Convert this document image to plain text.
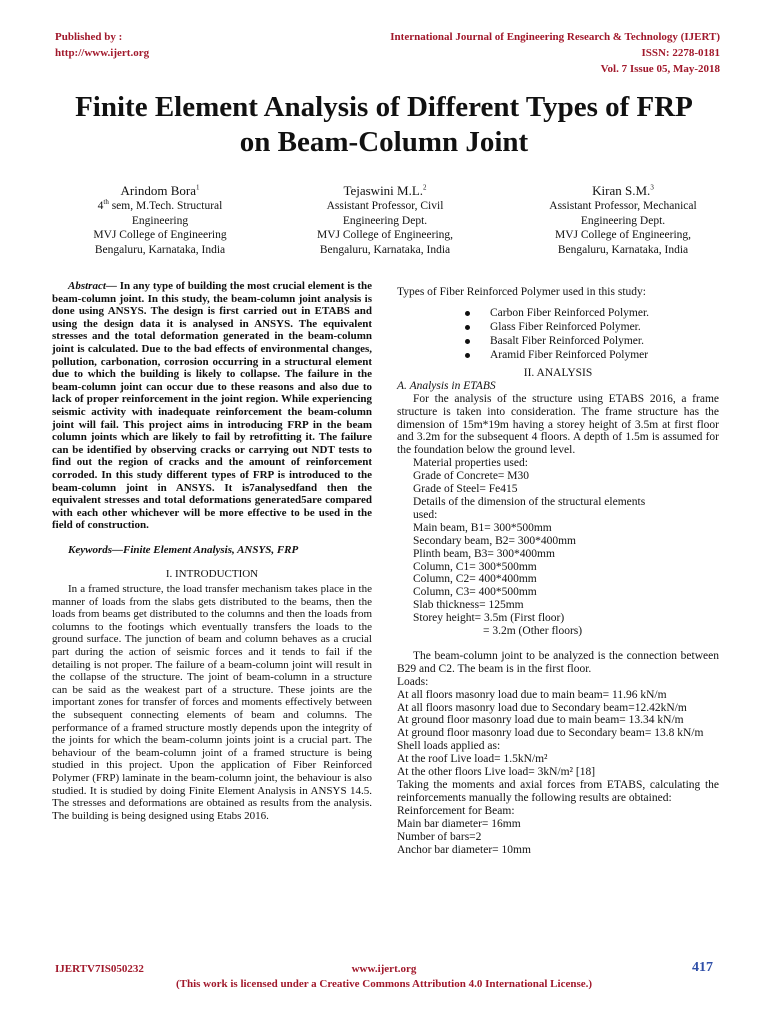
Published by :
http://www.ijert.org
International Journal of Engineering Research & Technology (IJERT)
ISSN: 2278-0181
Vol. 7 Issue 05, May-2018
Finite Element Analysis of Different Types of FRP
on Beam-Column Joint
Arindom Bora$^1$
4th sem, M.Tech. Structural
Engineering
MVJ College of Engineering
Bengaluru, Karnataka, India
Tejaswini M.L.$^2$
Assistant Professor, Civil
Engineering Dept.
MVJ College of Engineering,
Bengaluru, Karnataka, India
Kiran S.M.$^3$
Assistant Professor, Mechanical
Engineering Dept.
MVJ College of Engineering,
Bengaluru, Karnataka, India

Abstract— In any type of building the most crucial element is the beam-column joint. In this study, the beam-column joint analysis is done using ANSYS. The design is first carried out in ETABS and using the design data it is analysed in ANSYS. The equivalent stresses and the total deformation generated in the beam-column joint is calculated. Due to the bad effects of environmental changes, pollution, carbonation, corrosion occurring in a structural element due to which the building is likely to collapse. The failure in the beam-column joint can occur due to these reasons and also due to lack of proper reinforcement in the joint region. While experiencing seismic activity with inadequate reinforcement the beam-column joint will fail. This project aims in introducing FRP in the beam column joints which are likely to fail by retrofitting it. The failure can be identified by observing cracks or carrying out NDT tests to find out the region of cracks and the amount of reinforcement corroded. In this study different types of FRP is introduced to the beam-column joint in ANSYS. It is7analysedfand then the equivalent stresses and total deformations generated5are compared with each other whichever will be more effective to be used in the field of construction.

Keywords—Finite Element Analysis, ANSYS, FRP

I. INTRODUCTION

In a framed structure, the load transfer mechanism takes place in the manner of loads from the slabs gets distributed to the beams, then the loads from beams get distributed to the columns and then the loads from columns to the footings which eventually transfers the loads to the ground surface. The junction of beam and column behaves as a crucial part during the action of seismic forces and it tends to fail if the detailing is not proper. The failure of a beam-column joint will result in the collapse of the structure. The joint of beam-column in a structure can be said as the weakest part of a structure. These joints are the important zones for transfer of forces and moments effectively between the subsequent connecting elements of beam and columns. The performance of a framed structure mostly depends upon the integrity of the joints for which the beam-column joints joint is a crucial part. The behaviour of the beam-column joint of a framed structure is being studied in this project. Upon the application of Fiber Reinforced Polymer (FRP) laminate in the beam-column joint, the behaviour is also studied. It is studied by doing Finite Element Analysis in ANSYS 14.5. The stresses and deformations are obtained as results from the analysis. The building is being designed using Etabs 2016.

Types of Fiber Reinforced Polymer used in this study:

Carbon Fiber Reinforced Polymer.
Glass Fiber Reinforced Polymer.
Basalt Fiber Reinforced Polymer.
Aramid Fiber Reinforced Polymer

II. ANALYSIS

A. Analysis in ETABS

For the analysis of the structure using ETABS 2016, a frame structure is taken into consideration. The frame structure has the dimension of 15m*19m having a storey height of 3.5m at first floor and 3.2m for the subsequent 4 floors. A depth of 1.5m is assumed for the foundation below the ground level.

Material properties used:

Grade of Concrete= M30

Grade of Steel= Fe415

Details of the dimension of the structural elements

used:

Main beam, B1= 300*500mm

Secondary beam, B2= 300*400mm

Plinth beam, B3= 300*400mm

Column, C1= 300*500mm

Column, C2= 400*400mm

Column, C3= 400*500mm

Slab thickness= 125mm

Storey height= 3.5m (First floor)

= 3.2m (Other floors)

The beam-column joint to be analyzed is the connection between B29 and C2. The beam is in the first floor.

Loads:

At all floors masonry load due to main beam= 11.96 kN/m

At all floors masonry load due to Secondary beam=12.42kN/m

At ground floor masonry load due to main beam= 13.34 kN/m

At ground floor masonry load due to Secondary beam= 13.8 kN/m

Shell loads applied as:

At the roof Live load= 1.5kN/m²

At the other floors Live load= 3kN/m² [18]

Taking the moments and axial forces from ETABS, calculating the reinforcements manually the following results are obtained:

Reinforcement for Beam:

Main bar diameter= 16mm

Number of bars=2

Anchor bar diameter= 10mm

IJERTV7IS050232	www.ijert.org	417
(This work is licensed under a Creative Commons Attribution 4.0 International License.)
